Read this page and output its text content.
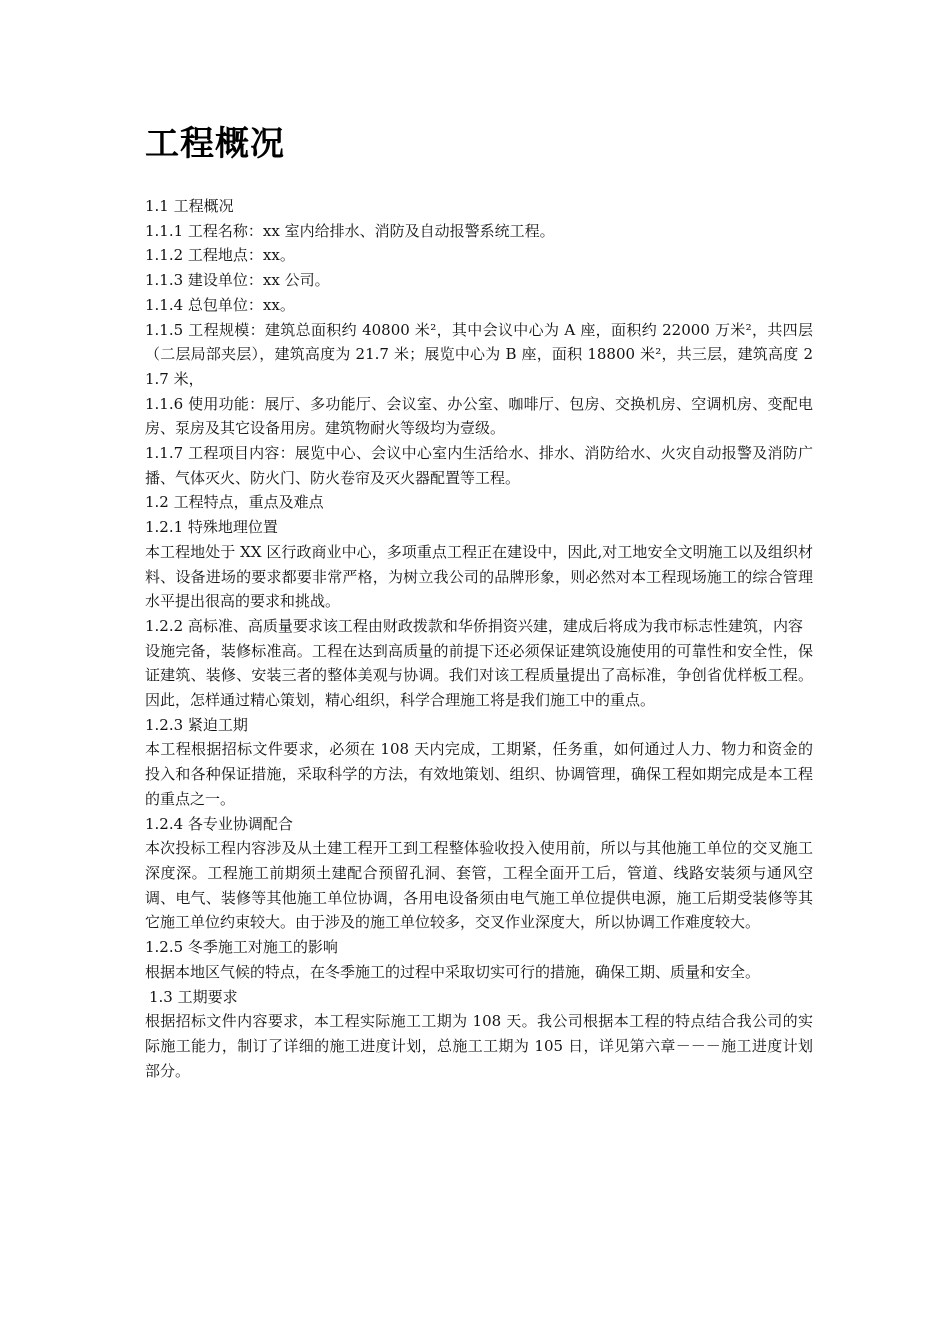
工程概况

1.1 工程概况

1.1.1 工程名称：xx 室内给排水、消防及自动报警系统工程。

1.1.2 工程地点：xx。

1.1.3 建设单位：xx 公司。

1.1.4 总包单位：xx。

1.1.5 工程规模：建筑总面积约 40800 米²，其中会议中心为 A 座，面积约 22000 万米²，共四层（二层局部夹层），建筑高度为 21.7 米；展览中心为 B 座，面积 18800 米²，共三层，建筑高度 21.7 米，

1.1.6 使用功能：展厅、多功能厅、会议室、办公室、咖啡厅、包房、交换机房、空调机房、变配电房、泵房及其它设备用房。建筑物耐火等级均为壹级。

1.1.7 工程项目内容：展览中心、会议中心室内生活给水、排水、消防给水、火灾自动报警及消防广播、气体灭火、防火门、防火卷帘及灭火器配置等工程。

1.2 工程特点，重点及难点

1.2.1 特殊地理位置

本工程地处于 XX 区行政商业中心，多项重点工程正在建设中，因此,对工地安全文明施工以及组织材料、设备进场的要求都要非常严格，为树立我公司的品牌形象，则必然对本工程现场施工的综合管理水平提出很高的要求和挑战。

1.2.2 高标准、高质量要求该工程由财政拨款和华侨捐资兴建，建成后将成为我市标志性建筑，内容

设施完备，装修标准高。工程在达到高质量的前提下还必须保证建筑设施使用的可靠性和安全性，保证建筑、装修、安装三者的整体美观与协调。我们对该工程质量提出了高标准，争创省优样板工程。因此，怎样通过精心策划，精心组织，科学合理施工将是我们施工中的重点。

1.2.3 紧迫工期

本工程根据招标文件要求，必须在 108 天内完成，工期紧，任务重，如何通过人力、物力和资金的投入和各种保证措施，采取科学的方法，有效地策划、组织、协调管理，确保工程如期完成是本工程的重点之一。

1.2.4 各专业协调配合

本次投标工程内容涉及从土建工程开工到工程整体验收投入使用前，所以与其他施工单位的交叉施工深度深。工程施工前期须土建配合预留孔洞、套管，工程全面开工后，管道、线路安装须与通风空调、电气、装修等其他施工单位协调，各用电设备须由电气施工单位提供电源，施工后期受装修等其它施工单位约束较大。由于涉及的施工单位较多，交叉作业深度大，所以协调工作难度较大。

1.2.5 冬季施工对施工的影响

根据本地区气候的特点，在冬季施工的过程中采取切实可行的措施，确保工期、质量和安全。

1.3 工期要求

根据招标文件内容要求，本工程实际施工工期为 108 天。我公司根据本工程的特点结合我公司的实际施工能力，制订了详细的施工进度计划，总施工工期为 105 日，详见第六章－－－施工进度计划部分。
